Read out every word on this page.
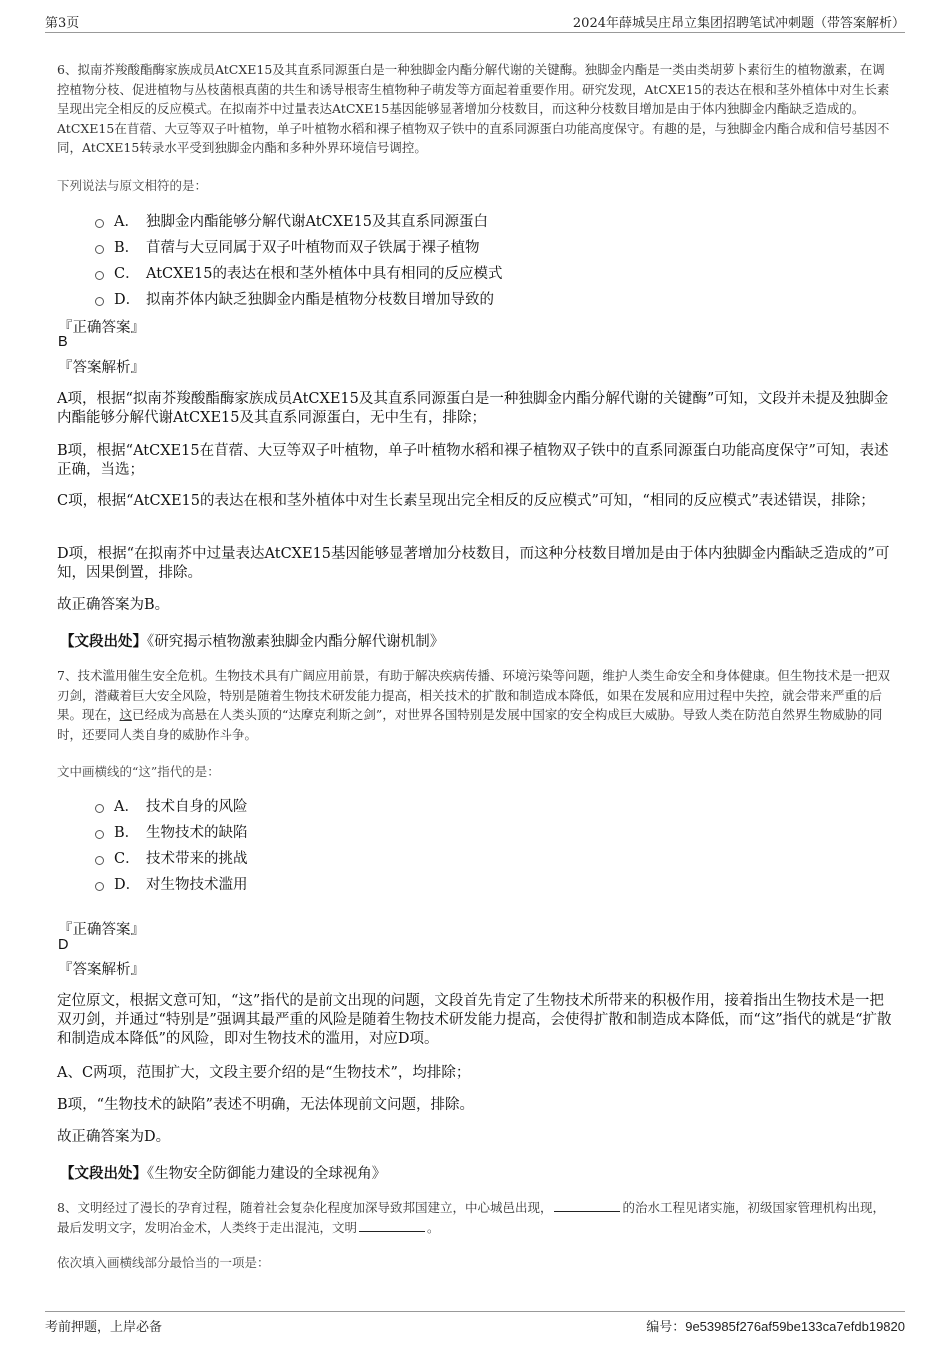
第3页	2024年薛城吴庄昂立集团招聘笔试冲刺题（带答案解析）
6、拟南芥羧酸酯酶家族成员AtCXE15及其直系同源蛋白是一种独脚金内酯分解代谢的关键酶。独脚金内酯是一类由类胡萝卜素衍生的植物激素，在调控植物分枝、促进植物与丛枝菌根真菌的共生和诱导根寄生植物种子萌发等方面起着重要作用。研究发现，AtCXE15的表达在根和茎外植体中对生长素呈现出完全相反的反应模式。在拟南芥中过量表达AtCXE15基因能够显著增加分枝数目，而这种分枝数目增加是由于体内独脚金内酯缺乏造成的。AtCXE15在苜蓿、大豆等双子叶植物，单子叶植物水稻和裸子植物双子铁中的直系同源蛋白功能高度保守。有趣的是，与独脚金内酯合成和信号基因不同，AtCXE15转录水平受到独脚金内酯和多种外界环境信号调控。
下列说法与原文相符的是：
A． 独脚金内酯能够分解代谢AtCXE15及其直系同源蛋白
B． 苜蓿与大豆同属于双子叶植物而双子铁属于裸子植物
C． AtCXE15的表达在根和茎外植体中具有相同的反应模式
D． 拟南芥体内缺乏独脚金内酯是植物分枝数目增加导致的
『正确答案』
B
『答案解析』
A项，根据“拟南芥羧酸酯酶家族成员AtCXE15及其直系同源蛋白是一种独脚金内酯分解代谢的关键酶”可知，文段并未提及独脚金内酯能够分解代谢AtCXE15及其直系同源蛋白，无中生有，排除；
B项，根据“AtCXE15在苜蓿、大豆等双子叶植物，单子叶植物水稻和裸子植物双子铁中的直系同源蛋白功能高度保守”可知，表述正确，当选；
C项，根据“AtCXE15的表达在根和茎外植体中对生长素呈现出完全相反的反应模式”可知，“相同的反应模式”表述错误，排除；
D项，根据“在拟南芥中过量表达AtCXE15基因能够显著增加分枝数目，而这种分枝数目增加是由于体内独脚金内酯缺乏造成的”可知，因果倒置，排除。
故正确答案为B。
【文段出处】《研究揭示植物激素独脚金内酯分解代谢机制》
7、技术滥用催生安全危机。生物技术具有广阔应用前景，有助于解决疾病传播、环境污染等问题，维护人类生命安全和身体健康。但生物技术是一把双刃剑，潜藏着巨大安全风险，特别是随着生物技术研发能力提高，相关技术的扩散和制造成本降低，如果在发展和应用过程中失控，就会带来严重的后果。现在，这已经成为高悬在人类头顶的“达摩克利斯之剑”，对世界各国特别是发展中国家的安全构成巨大威胁。导致人类在防范自然界生物威胁的同时，还要同人类自身的威胁作斗争。
文中画横线的“这”指代的是：
A． 技术自身的风险
B． 生物技术的缺陷
C． 技术带来的挑战
D． 对生物技术滥用
『正确答案』
D
『答案解析』
定位原文，根据文意可知，“这”指代的是前文出现的问题，文段首先肯定了生物技术所带来的积极作用，接着指出生物技术是一把双刃剑，并通过“特别是”强调其最严重的风险是随着生物技术研发能力提高，会使得扩散和制造成本降低，而“这”指代的就是“扩散和制造成本降低”的风险，即对生物技术的滥用，对应D项。
A、C两项，范围扩大，文段主要介绍的是“生物技术”，均排除；
B项，“生物技术的缺陷”表述不明确，无法体现前文问题，排除。
故正确答案为D。
【文段出处】《生物安全防御能力建设的全球视角》
8、文明经过了漫长的孕育过程，随着社会复杂化程度加深导致邦国建立，中心城邑出现，	的治水工程见诸实施，初级国家管理机构出现，最后发明文字，发明冶金术，人类终于走出混沌，文明	。
依次填入画横线部分最恰当的一项是：
考前押题，上岸必备	编号：9e53985f276af59be133ca7efdb19820
